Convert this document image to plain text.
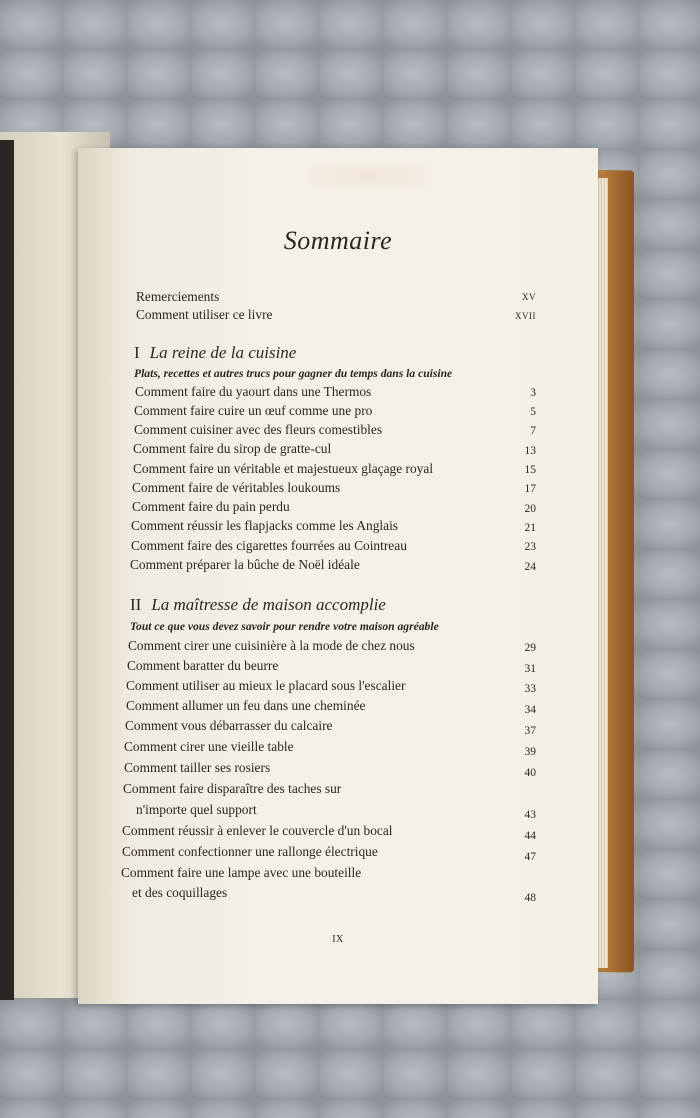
Sommaire
Remerciements	XV
Comment utiliser ce livre	XVII
I La reine de la cuisine
Plats, recettes et autres trucs pour gagner du temps dans la cuisine
Comment faire du yaourt dans une Thermos	3
Comment faire cuire un œuf comme une pro	5
Comment cuisiner avec des fleurs comestibles	7
Comment faire du sirop de gratte-cul	13
Comment faire un véritable et majestueux glaçage royal	15
Comment faire de véritables loukoums	17
Comment faire du pain perdu	20
Comment réussir les flapjacks comme les Anglais	21
Comment faire des cigarettes fourrées au Cointreau	23
Comment préparer la bûche de Noël idéale	24
II La maîtresse de maison accomplie
Tout ce que vous devez savoir pour rendre votre maison agréable
Comment cirer une cuisinière à la mode de chez nous	29
Comment baratter du beurre	31
Comment utiliser au mieux le placard sous l'escalier	33
Comment allumer un feu dans une cheminée	34
Comment vous débarrasser du calcaire	37
Comment cirer une vieille table	39
Comment tailler ses rosiers	40
Comment faire disparaître des taches sur
n'importe quel support	43
Comment réussir à enlever le couvercle d'un bocal	44
Comment confectionner une rallonge électrique	47
Comment faire une lampe avec une bouteille
et des coquillages	48
IX
